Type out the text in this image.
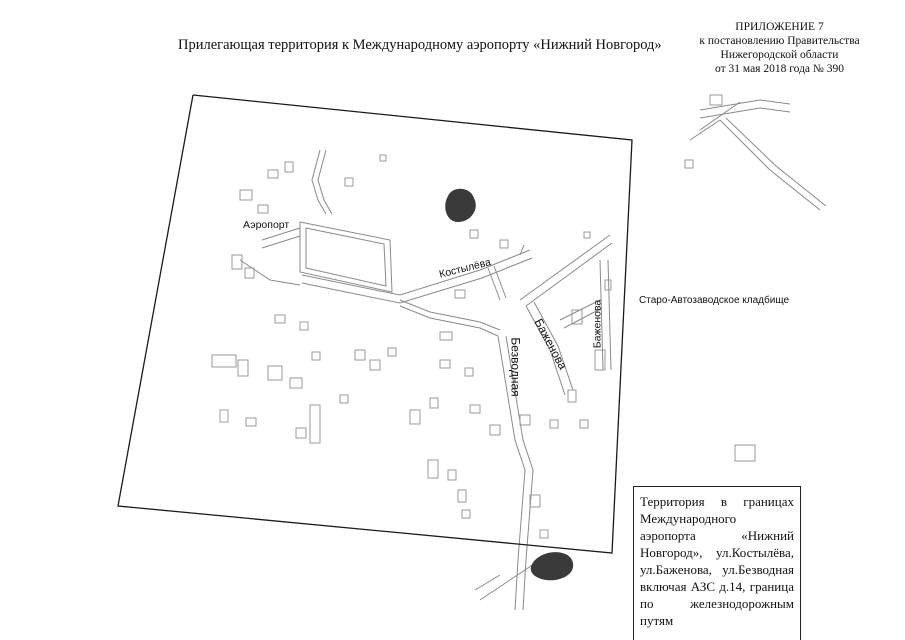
ПРИЛОЖЕНИЕ 7
к постановлению Правительства
Нижегородской области
от 31 мая 2018 года № 390
Прилегающая территория к Международному аэропорту «Нижний Новгород»
Аэропорт
Костылёва
Безводная Баженова Баженова	Старо-Автозаводское кладбище
Территория в границах Международного аэропорта «Нижний Новгород», ул.Костылёва, ул.Баженова, ул.Безводная включая АЗС д.14, граница по железнодорожным путям
